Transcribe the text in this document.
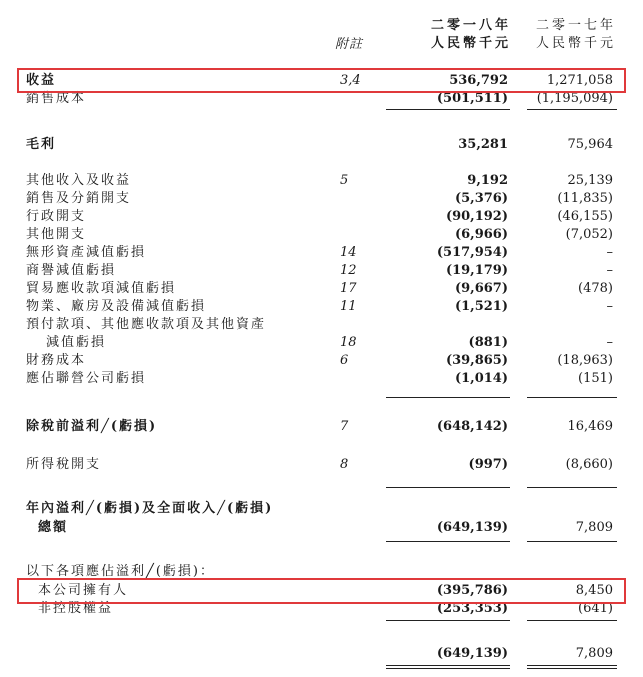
附註
二零一八年
人民幣千元
二零一七年
人民幣千元
收益	3,4	536,792	1,271,058
銷售成本	(501,511) (1,195,094)
毛利	35,281	75,964
其他收入及收益	5	9,192	25,139
銷售及分銷開支	(5,376)	(11,835)
行政開支	(90,192)	(46,155)
其他開支	(6,966)	(7,052)
無形資產減值虧損	14	(517,954)	–
商譽減值虧損	12	(19,179)	–
貿易應收款項減值虧損	17	(9,667)	(478)
物業、廠房及設備減值虧損	11	(1,521)	–
預付款項、其他應收款項及其他資產
減值虧損	18	(881)	–
財務成本	6	(39,865)	(18,963)
應佔聯營公司虧損	(1,014)	(151)
除稅前溢利╱(虧損)	7	(648,142)	16,469
所得稅開支	8	(997)	(8,660)
年內溢利╱(虧損)及全面收入╱(虧損)
總額	(649,139)	7,809
以下各項應佔溢利╱(虧損)：
本公司擁有人	(395,786)	8,450
非控股權益	(253,353)	(641)
(649,139)	7,809
